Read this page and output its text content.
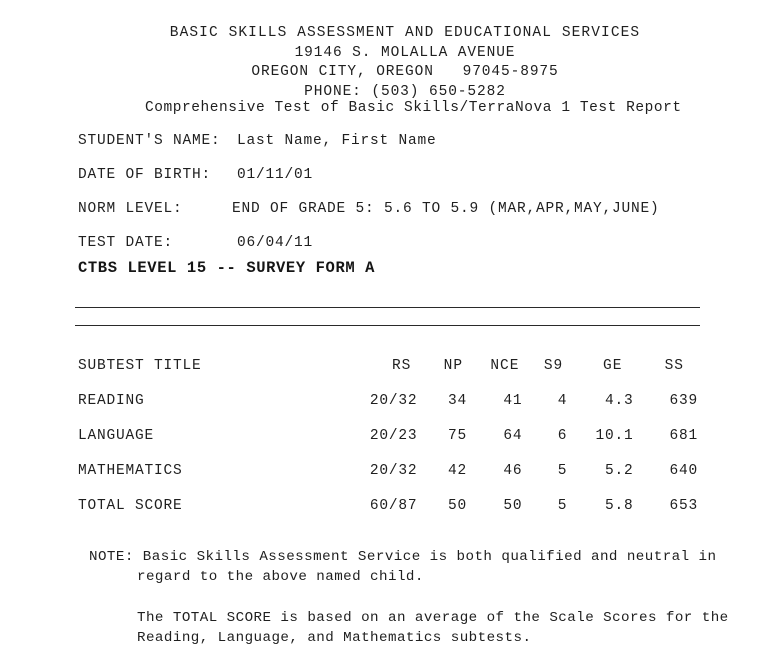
BASIC SKILLS ASSESSMENT AND EDUCATIONAL SERVICES
19146 S. MOLALLA AVENUE
OREGON CITY, OREGON   97045-8975
PHONE: (503) 650-5282
Comprehensive Test of Basic Skills/TerraNova 1 Test Report

STUDENT'S NAME:

Last Name, First Name

DATE OF BIRTH:

01/11/01

NORM LEVEL:

	END OF GRADE 5: 5.6 TO 5.9 (MAR,APR,MAY,JUNE)

TEST DATE:

	06/04/11

CTBS LEVEL 15 -- SURVEY FORM A
SUBTEST TITLE	RS	NP	NCE	S9	GE	SS
READING	20/32	34	41	4	4.3	639
LANGUAGE	20/23	75	64	6	10.1	681
MATHEMATICS	20/32	42	46	5	5.2	640
TOTAL SCORE	60/87	50	50	5	5.8	653
NOTE: Basic Skills Assessment Service is both qualified and neutral in regard to the above named child.
The TOTAL SCORE is based on an average of the Scale Scores for the Reading, Language, and Mathematics subtests.
